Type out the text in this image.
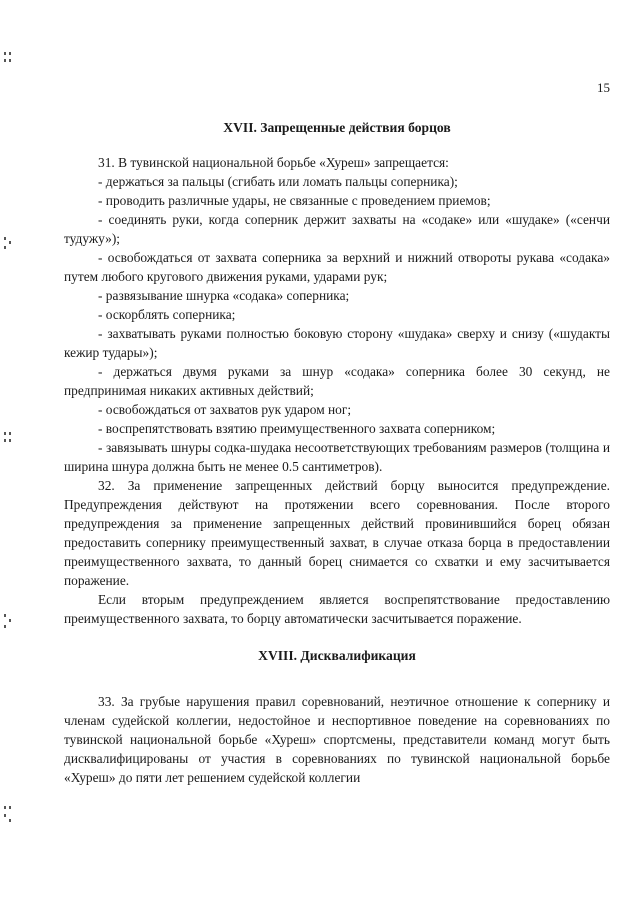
15
XVII. Запрещенные действия борцов

31. В тувинской национальной борьбе «Хуреш» запрещается:

- держаться за пальцы (сгибать или ломать пальцы соперника);

- проводить различные удары, не связанные с проведением приемов;

- соединять руки, когда соперник держит захваты на «содаке» или «шудаке» («сенчи тудужу»);

- освобождаться от захвата соперника за верхний и нижний отвороты рукава «содака» путем любого кругового движения руками, ударами рук;

- развязывание шнурка «содака» соперника;

- оскорблять соперника;

- захватывать руками полностью боковую сторону «шудака» сверху и снизу («шудакты кежир тудары»);

- держаться двумя руками за шнур «содака» соперника более 30 секунд, не предпринимая никаких активных действий;

- освобождаться от захватов рук ударом ног;

- воспрепятствовать взятию преимущественного захвата соперником;

- завязывать шнуры содка-шудака несоответствующих требованиям размеров (толщина и ширина шнура должна быть не менее 0.5 сантиметров).

32. За применение запрещенных действий борцу выносится предупреждение. Предупреждения действуют на протяжении всего соревнования. После второго предупреждения за применение запрещенных действий провинившийся борец обязан предоставить сопернику преимущественный захват, в случае отказа борца в предоставлении преимущественного захвата, то данный борец снимается со схватки и ему засчитывается поражение.

Если вторым предупреждением является воспрепятствование предоставлению преимущественного захвата, то борцу автоматически засчитывается поражение.

XVIII. Дисквалификация

33. За грубые нарушения правил соревнований, неэтичное отношение к сопернику и членам судейской коллегии, недостойное и неспортивное поведение на соревнованиях по тувинской национальной борьбе «Хуреш» спортсмены, представители команд могут быть дисквалифицированы от участия в соревнованиях по тувинской национальной борьбе «Хуреш» до пяти лет решением судейской коллегии
